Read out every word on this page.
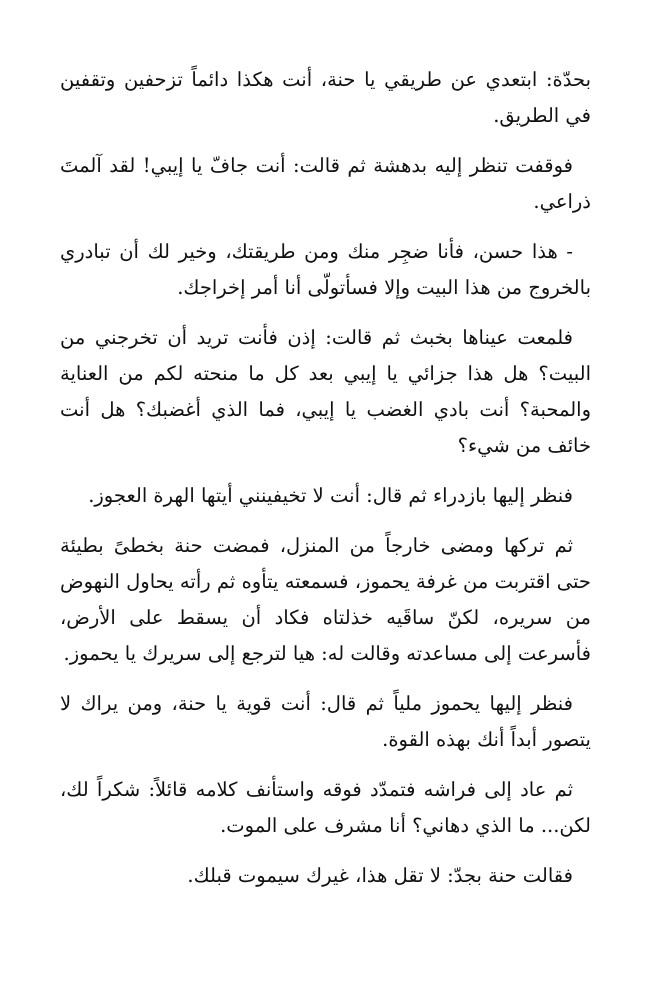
بحدّة: ابتعدي عن طريقي يا حنة، أنت هكذا دائماً تزحفين وتقفين في الطريق.

فوقفت تنظر إليه بدهشة ثم قالت: أنت جافّ يا إيبي! لقد آلمتَ ذراعي.

- هذا حسن، فأنا ضجِر منك ومن طريقتك، وخير لك أن تبادري بالخروج من هذا البيت وإلا فسأتولّى أنا أمر إخراجك.

فلمعت عيناها بخبث ثم قالت: إذن فأنت تريد أن تخرجني من البيت؟ هل هذا جزائي يا إيبي بعد كل ما منحته لكم من العناية والمحبة؟ أنت بادي الغضب يا إيبي، فما الذي أغضبك؟ هل أنت خائف من شيء؟

فنظر إليها بازدراء ثم قال: أنت لا تخيفينني أيتها الهرة العجوز.

ثم تركها ومضى خارجاً من المنزل، فمضت حنة بخطىً بطيئة حتى اقتربت من غرفة يحموز، فسمعته يتأوه ثم رأته يحاول النهوض من سريره، لكنّ ساقَيه خذلتاه فكاد أن يسقط على الأرض، فأسرعت إلى مساعدته وقالت له: هيا لترجع إلى سريرك يا يحموز.

فنظر إليها يحموز ملياً ثم قال: أنت قوية يا حنة، ومن يراك لا يتصور أبداً أنك بهذه القوة.

ثم عاد إلى فراشه فتمدّد فوقه واستأنف كلامه قائلاً: شكراً لك، لكن... ما الذي دهاني؟ أنا مشرف على الموت.

فقالت حنة بجدّ: لا تقل هذا، غيرك سيموت قبلك.
